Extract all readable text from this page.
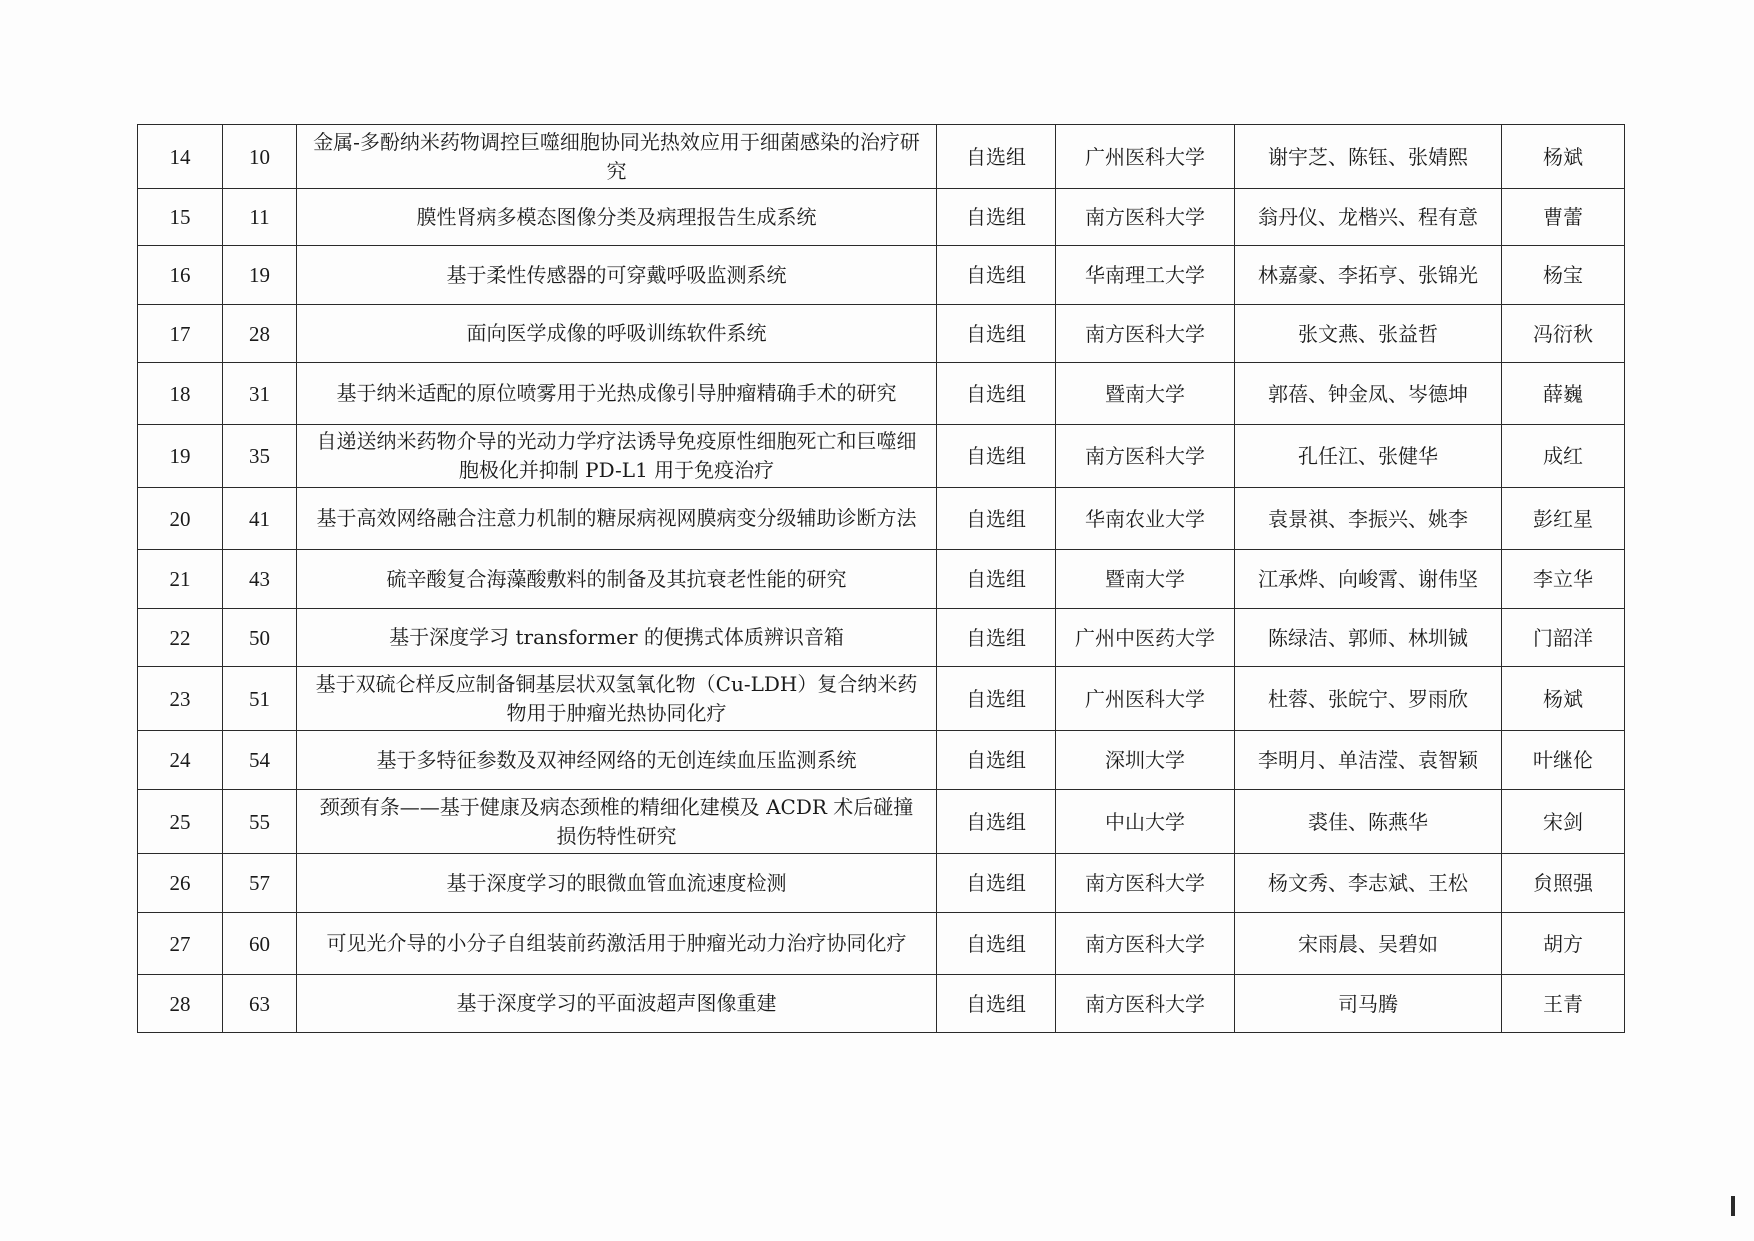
14	10	金属-多酚纳米药物调控巨噬细胞协同光热效应用于细菌感染的治疗研究	自选组	广州医科大学	谢宇芝、陈钰、张婧熙	杨斌
15	11	膜性肾病多模态图像分类及病理报告生成系统	自选组	南方医科大学	翁丹仪、龙楷兴、程有意	曹蕾
16	19	基于柔性传感器的可穿戴呼吸监测系统	自选组	华南理工大学	林嘉豪、李拓亨、张锦光	杨宝
17	28	面向医学成像的呼吸训练软件系统	自选组	南方医科大学	张文燕、张益哲	冯衍秋
18	31	基于纳米适配的原位喷雾用于光热成像引导肿瘤精确手术的研究	自选组	暨南大学	郭蓓、钟金凤、岑德坤	薛巍
19	35	自递送纳米药物介导的光动力学疗法诱导免疫原性细胞死亡和巨噬细胞极化并抑制 PD-L1 用于免疫治疗	自选组	南方医科大学	孔任江、张健华	成红
20	41	基于高效网络融合注意力机制的糖尿病视网膜病变分级辅助诊断方法	自选组	华南农业大学	袁景祺、李振兴、姚李	彭红星
21	43	硫辛酸复合海藻酸敷料的制备及其抗衰老性能的研究	自选组	暨南大学	江承烨、向峻霄、谢伟坚	李立华
22	50	基于深度学习 transformer 的便携式体质辨识音箱	自选组	广州中医药大学	陈绿洁、郭师、林圳铖	门韶洋
23	51	基于双硫仑样反应制备铜基层状双氢氧化物（Cu-LDH）复合纳米药物用于肿瘤光热协同化疗	自选组	广州医科大学	杜蓉、张皖宁、罗雨欣	杨斌
24	54	基于多特征参数及双神经网络的无创连续血压监测系统	自选组	深圳大学	李明月、单洁滢、袁智颖	叶继伦
25	55	颈颈有条——基于健康及病态颈椎的精细化建模及 ACDR 术后碰撞损伤特性研究	自选组	中山大学	裘佳、陈燕华	宋剑
26	57	基于深度学习的眼微血管血流速度检测	自选组	南方医科大学	杨文秀、李志斌、王松	贠照强
27	60	可见光介导的小分子自组装前药激活用于肿瘤光动力治疗协同化疗	自选组	南方医科大学	宋雨晨、吴碧如	胡方
28	63	基于深度学习的平面波超声图像重建	自选组	南方医科大学	司马腾	王青
